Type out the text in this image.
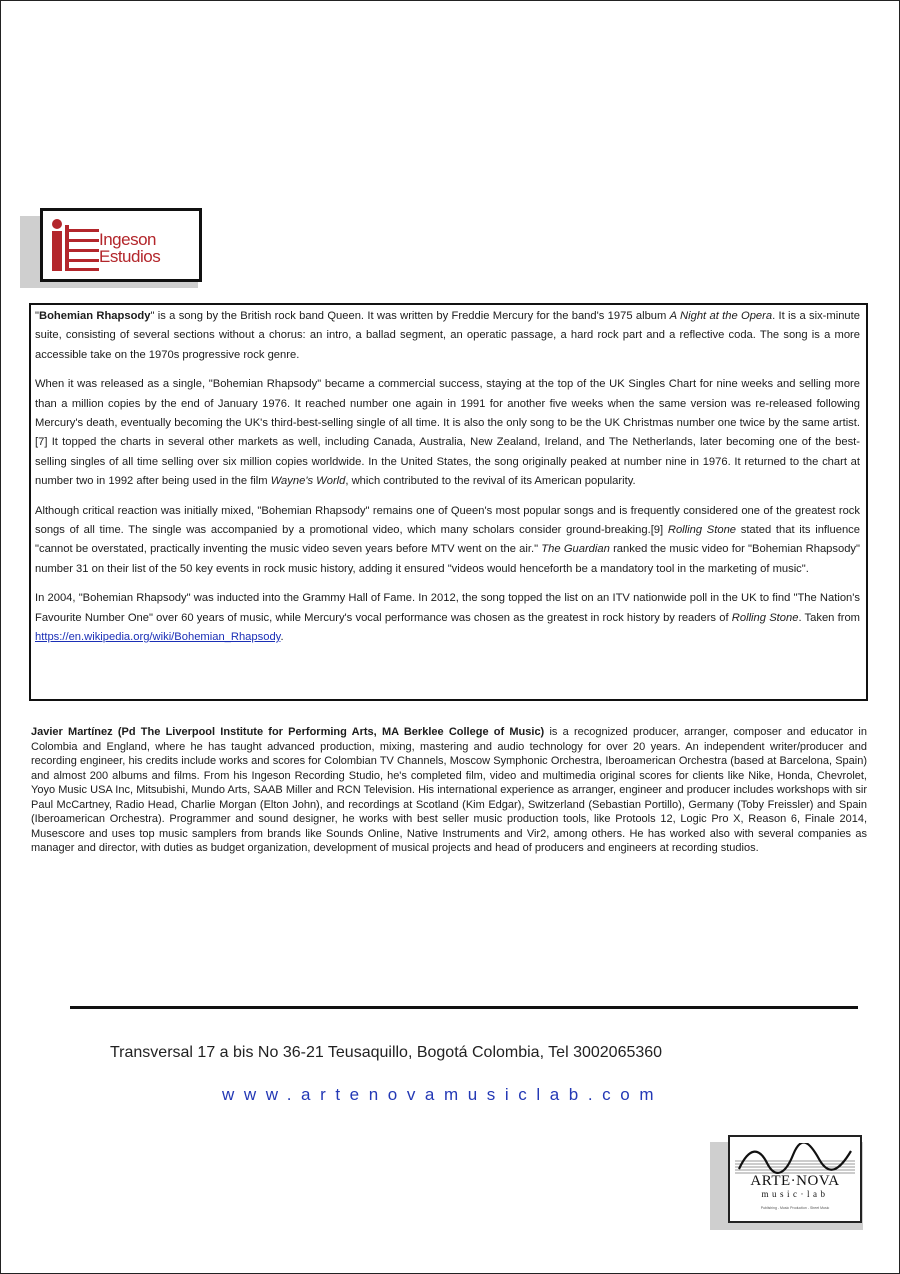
Ingeson
Estudios

"Bohemian Rhapsody" is a song by the British rock band Queen. It was written by Freddie Mercury for the band's 1975 album A Night at the Opera. It is a six-minute suite, consisting of several sections without a chorus: an intro, a ballad segment, an operatic passage, a hard rock part and a reflective coda. The song is a more accessible take on the 1970s progressive rock genre.

When it was released as a single, "Bohemian Rhapsody" became a commercial success, staying at the top of the UK Singles Chart for nine weeks and selling more than a million copies by the end of January 1976. It reached number one again in 1991 for another five weeks when the same version was re-released following Mercury's death, eventually becoming the UK's third-best-selling single of all time. It is also the only song to be the UK Christmas number one twice by the same artist.[7] It topped the charts in several other markets as well, including Canada, Australia, New Zealand, Ireland, and The Netherlands, later becoming one of the best-selling singles of all time selling over six million copies worldwide. In the United States, the song originally peaked at number nine in 1976. It returned to the chart at number two in 1992 after being used in the film Wayne's World, which contributed to the revival of its American popularity.

Although critical reaction was initially mixed, "Bohemian Rhapsody" remains one of Queen's most popular songs and is frequently considered one of the greatest rock songs of all time. The single was accompanied by a promotional video, which many scholars consider ground-breaking.[9] Rolling Stone stated that its influence "cannot be overstated, practically inventing the music video seven years before MTV went on the air." The Guardian ranked the music video for "Bohemian Rhapsody" number 31 on their list of the 50 key events in rock music history, adding it ensured "videos would henceforth be a mandatory tool in the marketing of music".

In 2004, "Bohemian Rhapsody" was inducted into the Grammy Hall of Fame. In 2012, the song topped the list on an ITV nationwide poll in the UK to find "The Nation's Favourite Number One" over 60 years of music, while Mercury's vocal performance was chosen as the greatest in rock history by readers of Rolling Stone. Taken from https://en.wikipedia.org/wiki/Bohemian_Rhapsody.

Javier Martínez (Pd The Liverpool Institute for Performing Arts, MA Berklee College of Music) is a recognized producer, arranger, composer and educator in Colombia and England, where he has taught advanced production, mixing, mastering and audio technology for over 20 years. An independent writer/producer and recording engineer, his credits include works and scores for Colombian TV Channels, Moscow Symphonic Orchestra, Iberoamerican Orchestra (based at Barcelona, Spain) and almost 200 albums and films. From his Ingeson Recording Studio, he's completed film, video and multimedia original scores for clients like Nike, Honda, Chevrolet, Yoyo Music USA Inc, Mitsubishi, Mundo Arts, SAAB Miller and RCN Television. His international experience as arranger, engineer and producer includes workshops with sir Paul McCartney, Radio Head, Charlie Morgan (Elton John), and recordings at Scotland (Kim Edgar), Switzerland (Sebastian Portillo), Germany (Toby Freissler) and Spain (Iberoamerican Orchestra). Programmer and sound designer, he works with best seller music production tools, like Protools 12, Logic Pro X, Reason 6, Finale 2014, Musescore and uses top music samplers from brands like Sounds Online, Native Instruments and Vir2, among others. He has worked also with several companies as manager and director, with duties as budget organization, development of musical projects and head of producers and engineers at recording studios.
Transversal 17 a bis No 36-21 Teusaquillo, Bogotá Colombia, Tel 3002065360
www.artenovamusiclab.com
ARTE·NOVA
music·lab
Publishing - Music Production - Sheet Music
